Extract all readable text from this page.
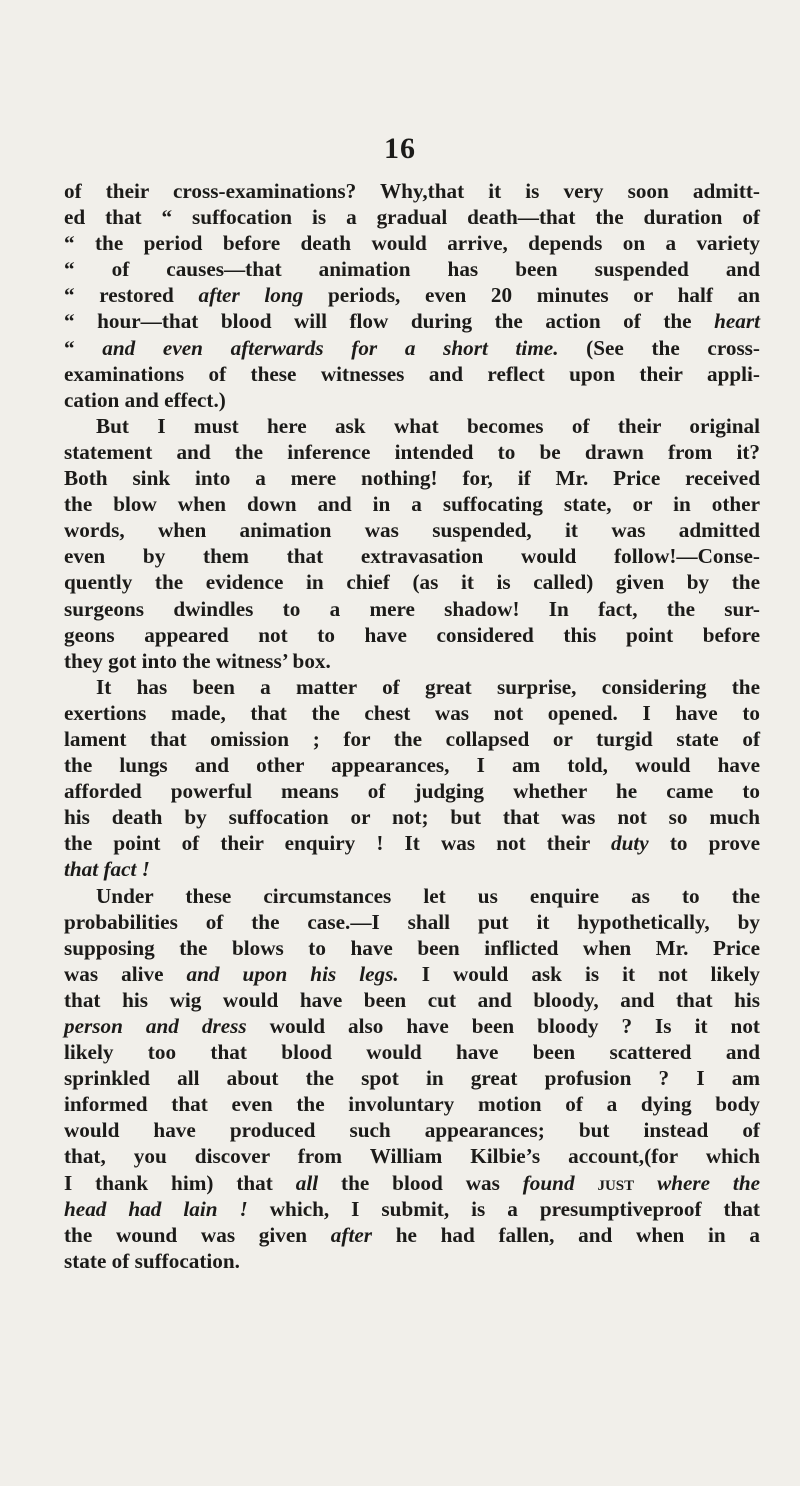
16
of their cross-examinations? Why,that it is very soon admitt-
ed that “ suffocation is a gradual death—that the duration of
“ the period before death would arrive, depends on a variety
“ of causes—that animation has been suspended and
“ restored after long periods, even 20 minutes or half an
“ hour—that blood will flow during the action of the heart
“ and even afterwards for a short time. (See the cross-
examinations of these witnesses and reflect upon their appli-
cation and effect.)
But I must here ask what becomes of their original
statement and the inference intended to be drawn from it?
Both sink into a mere nothing! for, if Mr. Price received
the blow when down and in a suffocating state, or in other
words, when animation was suspended, it was admitted
even by them that extravasation would follow!—Conse-
quently the evidence in chief (as it is called) given by the
surgeons dwindles to a mere shadow! In fact, the sur-
geons appeared not to have considered this point before
they got into the witness’ box.
It has been a matter of great surprise, considering the
exertions made, that the chest was not opened. I have to
lament that omission ; for the collapsed or turgid state of
the lungs and other appearances, I am told, would have
afforded powerful means of judging whether he came to
his death by suffocation or not; but that was not so much
the point of their enquiry ! It was not their duty to prove
that fact !
Under these circumstances let us enquire as to the
probabilities of the case.—I shall put it hypothetically, by
supposing the blows to have been inflicted when Mr. Price
was alive and upon his legs. I would ask is it not likely
that his wig would have been cut and bloody, and that his
person and dress would also have been bloody ? Is it not
likely too that blood would have been scattered and
sprinkled all about the spot in great profusion ? I am
informed that even the involuntary motion of a dying body
would have produced such appearances; but instead of
that, you discover from William Kilbie’s account,(for which
I thank him) that all the blood was found just where the
head had lain ! which, I submit, is a presumptiveproof that
the wound was given after he had fallen, and when in a
state of suffocation.
